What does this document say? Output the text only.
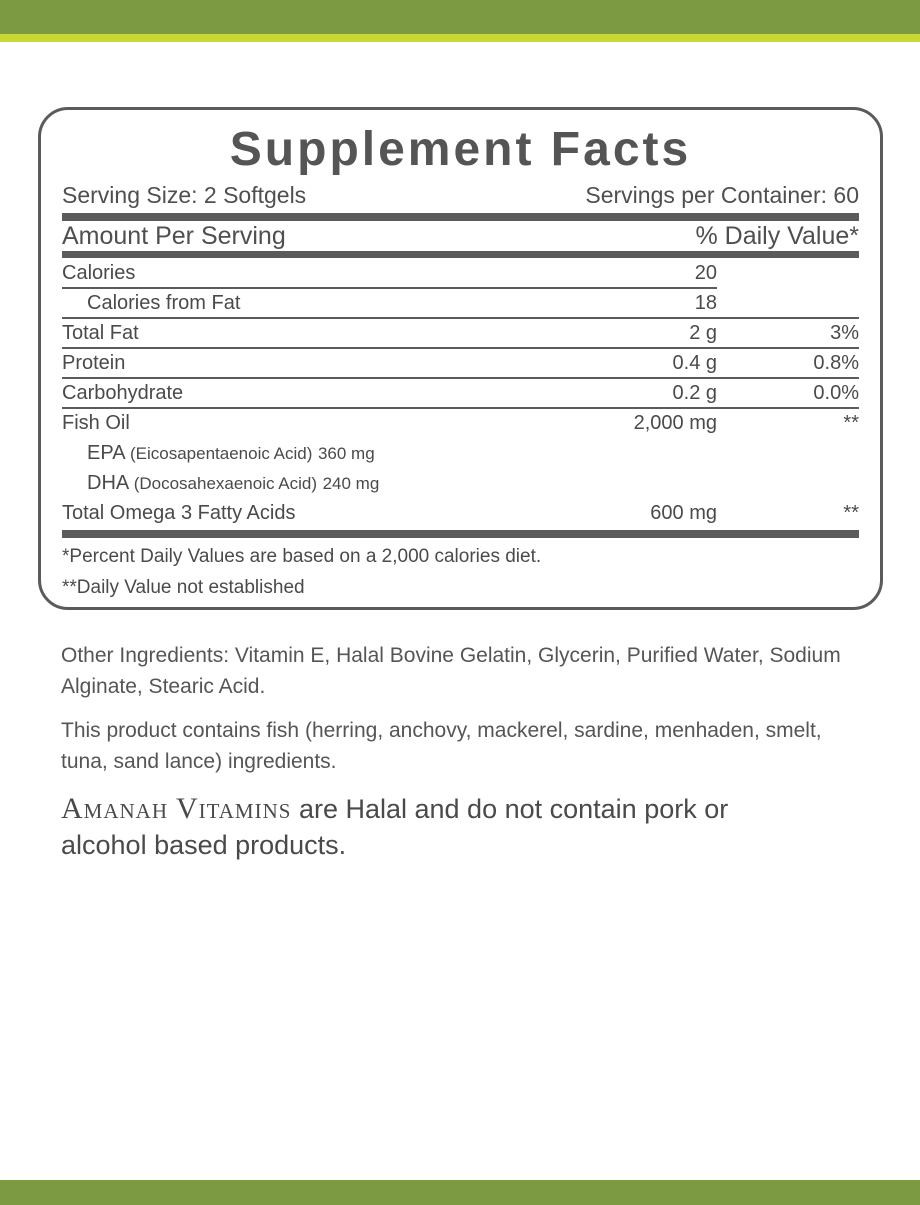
Supplement Facts
Serving Size: 2 Softgels	Servings per Container: 60
Amount Per Serving	% Daily Value*
Calories	20
Calories from Fat	18
Total Fat	2 g	3%
Protein	0.4 g	0.8%
Carbohydrate	0.2 g	0.0%
Fish Oil	2,000 mg	**
EPA (Eicosapentaenoic Acid) 360 mg
DHA (Docosahexaenoic Acid) 240 mg
Total Omega 3 Fatty Acids	600 mg	**
*Percent Daily Values are based on a 2,000 calories diet.
**Daily Value not established
Other Ingredients: Vitamin E, Halal Bovine Gelatin, Glycerin, Purified Water, Sodium Alginate, Stearic Acid.
This product contains fish (herring, anchovy, mackerel, sardine, menhaden, smelt, tuna, sand lance) ingredients.
Amanah Vitamins are Halal and do not contain pork or alcohol based products.
